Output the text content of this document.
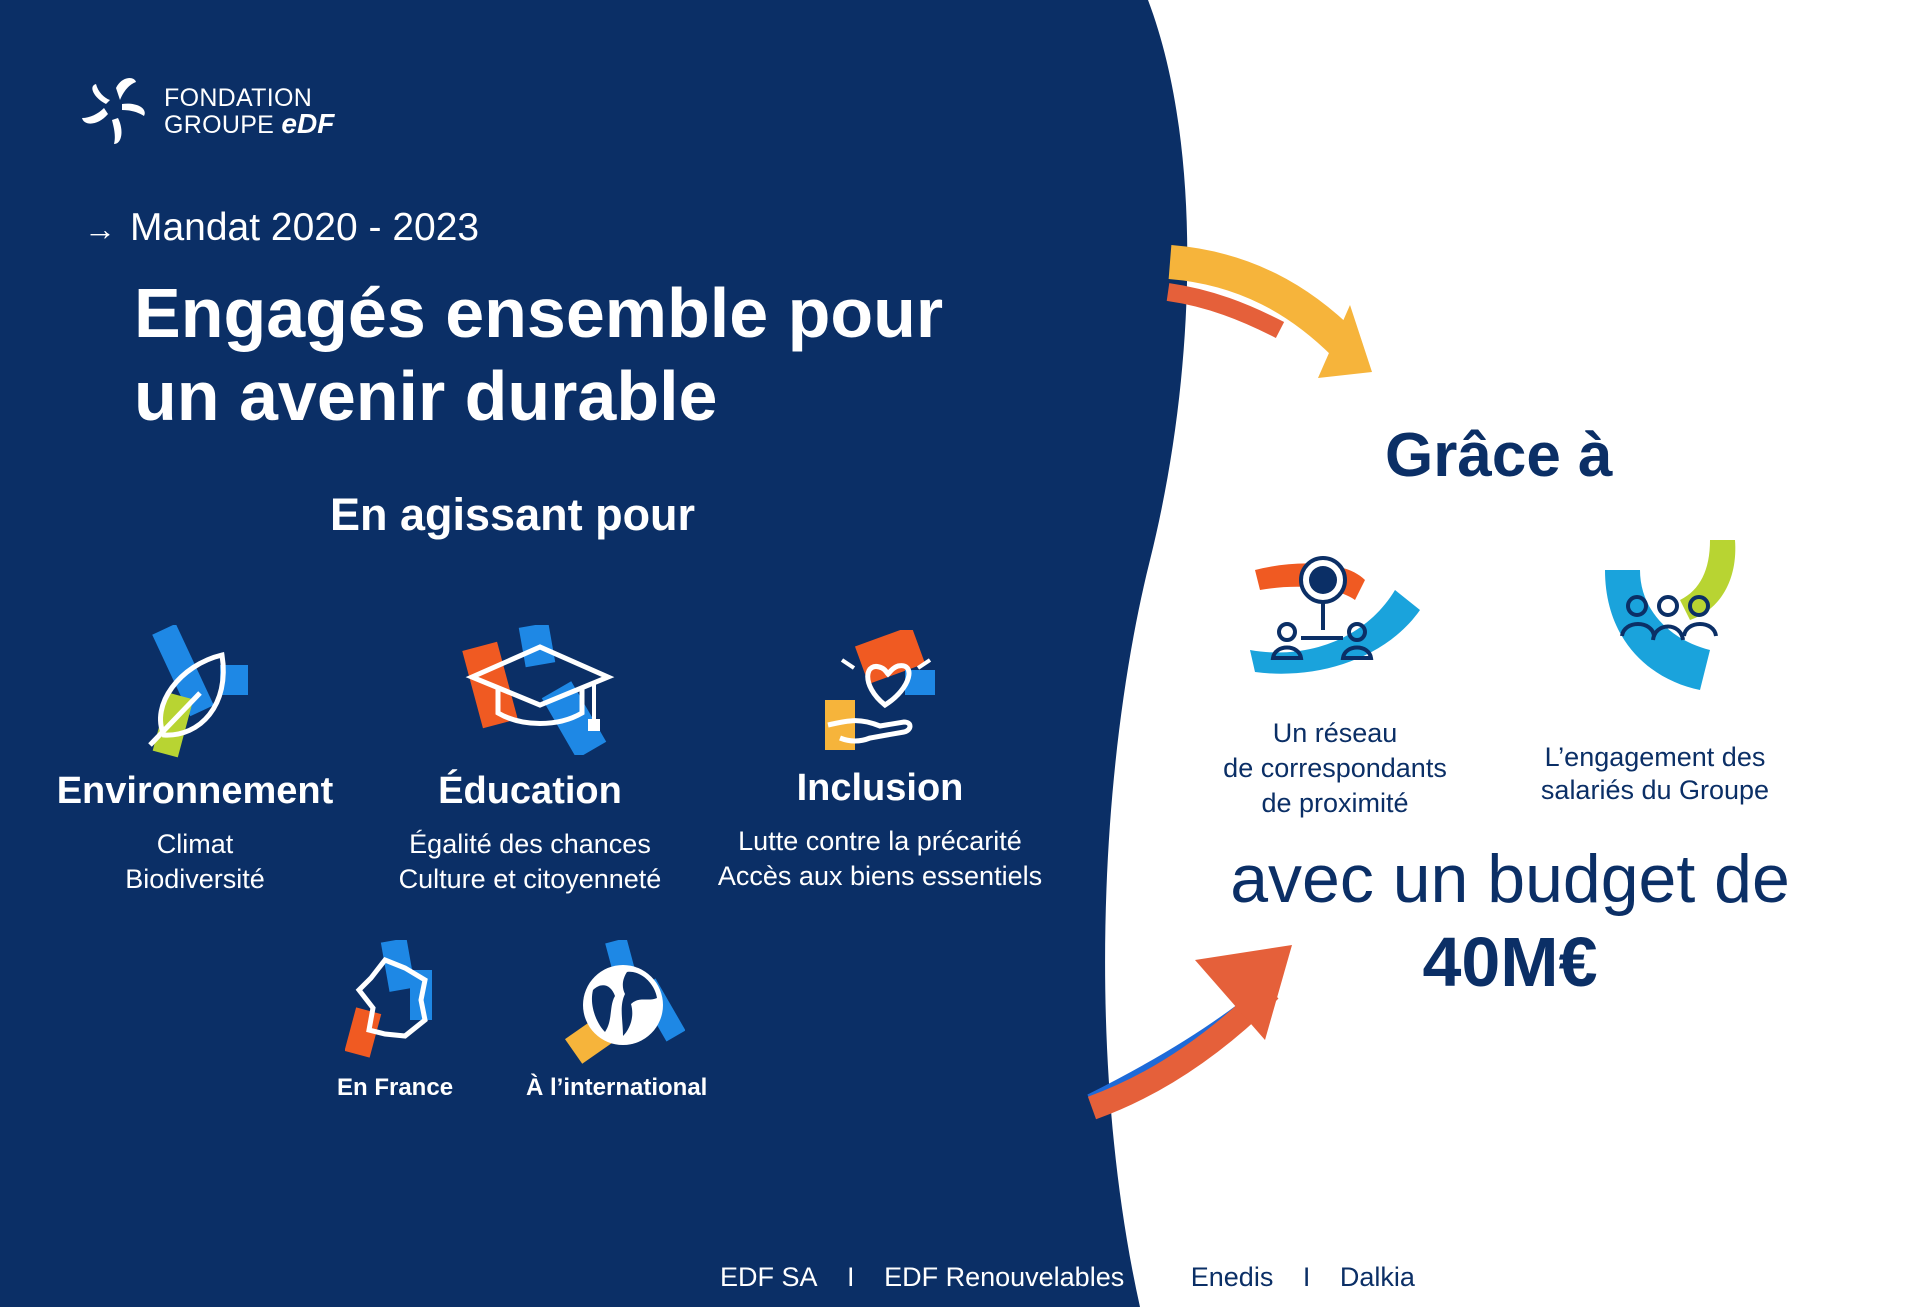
FONDATION
GROUPE eDF
→ Mandat 2020 - 2023
Engagés ensemble pour
un avenir durable
En agissant pour
Environnement
Climat
Biodiversité
Éducation
Égalité des chances
Culture et citoyenneté
Inclusion
Lutte contre la précarité
Accès aux biens essentiels
En France	À l’international
Grâce à
Un réseau
de correspondants
de proximité
L’engagement des
salariés du Groupe
avec un budget de
40M€
EDF SA I EDF Renouvelables I Enedis I Dalkia
